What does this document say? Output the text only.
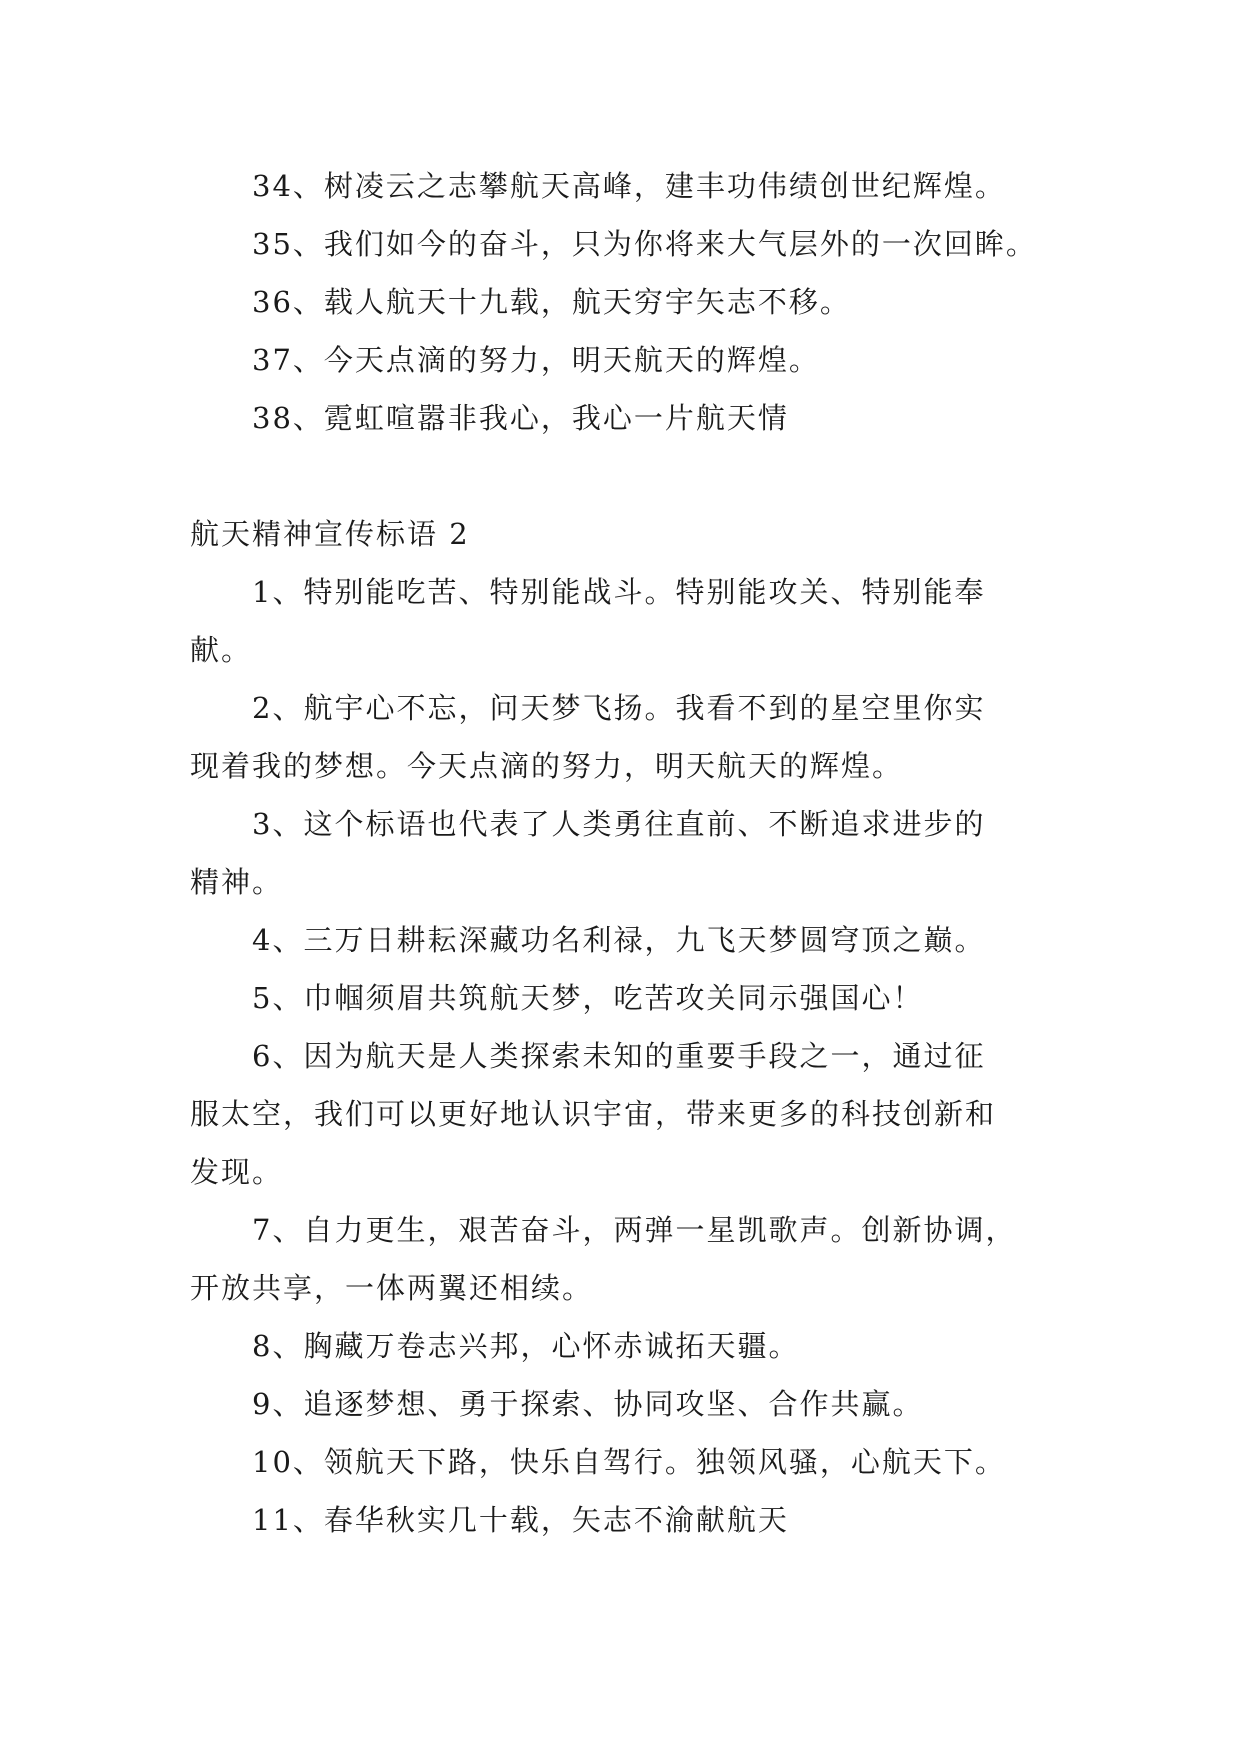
34、树凌云之志攀航天高峰，建丰功伟绩创世纪辉煌。
35、我们如今的奋斗，只为你将来大气层外的一次回眸。
36、载人航天十九载，航天穷宇矢志不移。
37、今天点滴的努力，明天航天的辉煌。
38、霓虹喧嚣非我心，我心一片航天情
航天精神宣传标语 2
1、特别能吃苦、特别能战斗。特别能攻关、特别能奉
献。
2、航宇心不忘，问天梦飞扬。我看不到的星空里你实
现着我的梦想。今天点滴的努力，明天航天的辉煌。
3、这个标语也代表了人类勇往直前、不断追求进步的
精神。
4、三万日耕耘深藏功名利禄，九飞天梦圆穹顶之巅。
5、巾帼须眉共筑航天梦，吃苦攻关同示强国心！
6、因为航天是人类探索未知的重要手段之一，通过征
服太空，我们可以更好地认识宇宙，带来更多的科技创新和
发现。
7、自力更生，艰苦奋斗，两弹一星凯歌声。创新协调，
开放共享，一体两翼还相续。
8、胸藏万卷志兴邦，心怀赤诚拓天疆。
9、追逐梦想、勇于探索、协同攻坚、合作共赢。
10、领航天下路，快乐自驾行。独领风骚，心航天下。
11、春华秋实几十载，矢志不渝献航天
